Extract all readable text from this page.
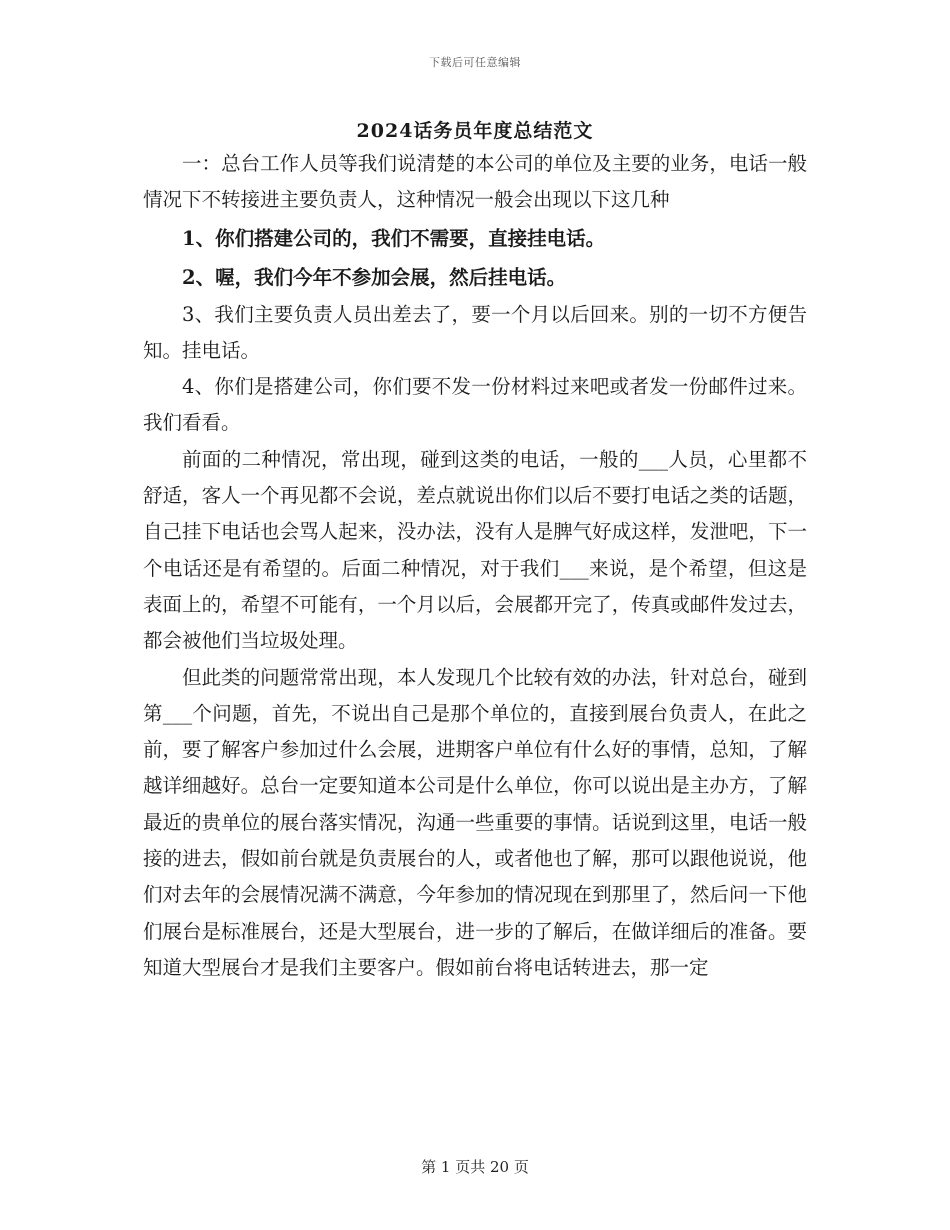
下载后可任意编辑
2024话务员年度总结范文

一：总台工作人员等我们说清楚的本公司的单位及主要的业务，电话一般情况下不转接进主要负责人，这种情况一般会出现以下这几种

1、你们搭建公司的，我们不需要，直接挂电话。

2、喔，我们今年不参加会展，然后挂电话。

3、我们主要负责人员出差去了，要一个月以后回来。别的一切不方便告知。挂电话。

4、你们是搭建公司，你们要不发一份材料过来吧或者发一份邮件过来。我们看看。

前面的二种情况，常出现，碰到这类的电话，一般的___人员，心里都不舒适，客人一个再见都不会说，差点就说出你们以后不要打电话之类的话题，自己挂下电话也会骂人起来，没办法，没有人是脾气好成这样，发泄吧，下一个电话还是有希望的。后面二种情况，对于我们___来说，是个希望，但这是表面上的，希望不可能有，一个月以后，会展都开完了，传真或邮件发过去，都会被他们当垃圾处理。

但此类的问题常常出现，本人发现几个比较有效的办法，针对总台，碰到第___个问题，首先，不说出自己是那个单位的，直接到展台负责人，在此之前，要了解客户参加过什么会展，进期客户单位有什么好的事情，总知，了解越详细越好。总台一定要知道本公司是什么单位，你可以说出是主办方，了解最近的贵单位的展台落实情况，沟通一些重要的事情。话说到这里，电话一般接的进去，假如前台就是负责展台的人，或者他也了解，那可以跟他说说，他们对去年的会展情况满不满意，今年参加的情况现在到那里了，然后问一下他们展台是标准展台，还是大型展台，进一步的了解后，在做详细后的准备。要知道大型展台才是我们主要客户。假如前台将电话转进去，那一定

第 1 页共 20 页
